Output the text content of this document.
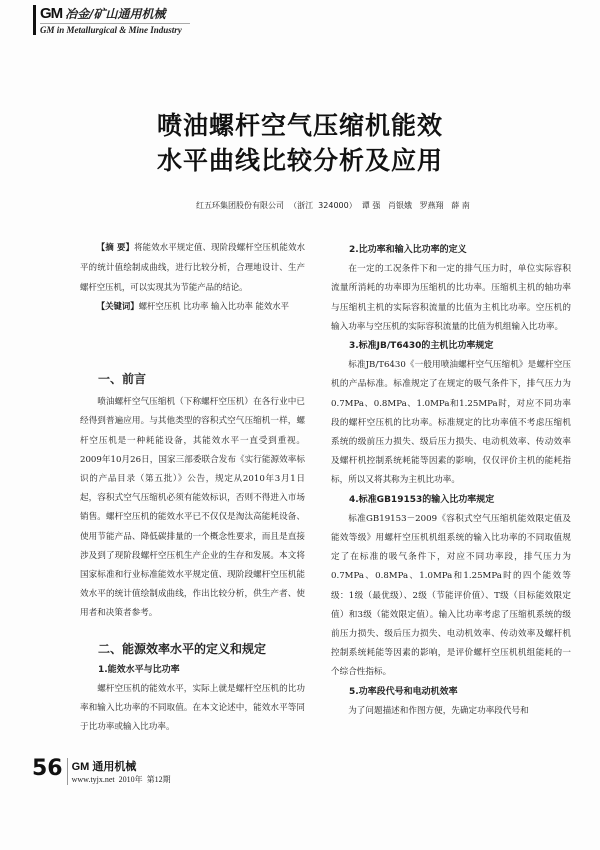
GM 冶金/矿山通用机械
GM in Metallurgical & Mine Industry
喷油螺杆空气压缩机能效
水平曲线比较分析及应用
红五环集团股份有限公司  （浙江  324000）  谭 强   肖银娥   罗燕翔   薛 南

【摘 要】将能效水平规定值、现阶段螺杆空压机能效水平的统计值绘制成曲线，进行比较分析，合理地设计、生产螺杆空压机，可以实现其为节能产品的结论。

【关键词】螺杆空压机 比功率 输入比功率 能效水平

一、前言

喷油螺杆空气压缩机（下称螺杆空压机）在各行业中已经得到普遍应用。与其他类型的容积式空气压缩机一样，螺杆空压机是一种耗能设备，其能效水平一直受到重视。2009年10月26日，国家三部委联合发布《实行能源效率标识的产品目录（第五批）》公告，规定从2010年3月1日起，容积式空气压缩机必须有能效标识，否则不得进入市场销售。螺杆空压机的能效水平已不仅仅是淘汰高能耗设备、使用节能产品、降低碳排量的一个概念性要求，而且是直接涉及到了现阶段螺杆空压机生产企业的生存和发展。本文将国家标准和行业标准能效水平规定值、现阶段螺杆空压机能效水平的统计值绘制成曲线，作出比较分析，供生产者、使用者和决策者参考。

二、能源效率水平的定义和规定
1.能效水平与比功率

螺杆空压机的能效水平，实际上就是螺杆空压机的比功率和输入比功率的不同取值。在本文论述中，能效水平等同于比功率或输入比功率。

2.比功率和输入比功率的定义

在一定的工况条件下和一定的排气压力时，单位实际容积流量所消耗的功率即为压缩机的比功率。压缩机主机的轴功率与压缩机主机的实际容积流量的比值为主机比功率。空压机的输入功率与空压机的实际容积流量的比值为机组输入比功率。

3.标准JB/T6430的主机比功率规定

标准JB/T6430《一般用喷油螺杆空气压缩机》是螺杆空压机的产品标准。标准规定了在规定的吸气条件下，排气压力为0.7MPa、0.8MPa、1.0MPa和1.25MPa时，对应不同功率段的螺杆空压机的比功率。标准规定的比功率值不考虑压缩机系统的级前压力损失、级后压力损失、电动机效率、传动效率及螺杆机控制系统耗能等因素的影响，仅仅评价主机的能耗指标，所以又将其称为主机比功率。

4.标准GB19153的输入比功率规定

标准GB19153－2009《容积式空气压缩机能效限定值及能效等级》用螺杆空压机机组系统的输入比功率的不同取值规定了在标准的吸气条件下，对应不同功率段，排气压力为0.7MPa、0.8MPa、1.0MPa和1.25MPa时的四个能效等级：1级（最优级）、2级（节能评价值）、T级（目标能效限定值）和3级（能效限定值）。输入比功率考虑了压缩机系统的级前压力损失、级后压力损失、电动机效率、传动效率及螺杆机控制系统耗能等因素的影响，是评价螺杆空压机机组能耗的一个综合性指标。

5.功率段代号和电动机效率

为了问题描述和作图方便，先确定功率段代号和

56 GM 通用机械
www.tyjx.net  2010年  第12期
